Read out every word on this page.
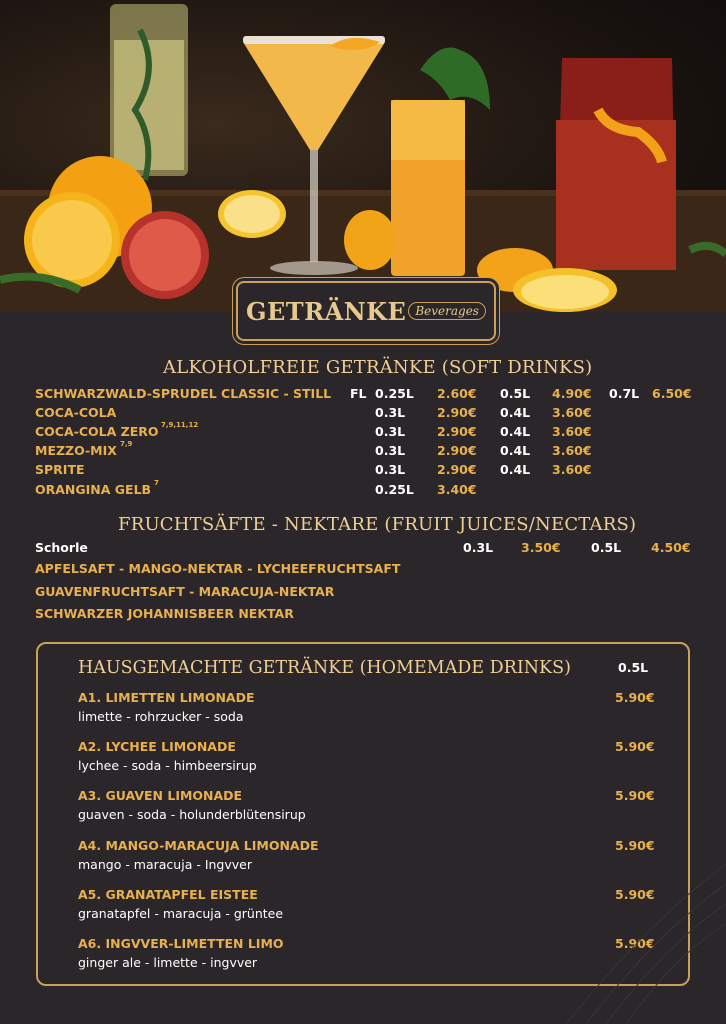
GETRÄNKE Beverages
ALKOHOLFREIE GETRÄNKE (SOFT DRINKS)
SCHWARZWALD-SPRUDEL CLASSIC - STILL FL 0.25L 2.60€ 0.5L 4.90€ 0.7L 6.50€
COCA-COLA	0.3L	2.90€ 0.4L 3.60€
COCA-COLA ZERO 7,9,11,12	0.3L	2.90€ 0.4L 3.60€
MEZZO-MIX 7,9	0.3L	2.90€ 0.4L 3.60€
SPRITE	0.3L	2.90€ 0.4L 3.60€
ORANGINA GELB 7	0.25L 3.40€
FRUCHTSÄFTE - NEKTARE (FRUIT JUICES/NECTARS)
Schorle	0.3L 3.50€ 0.5L 4.50€
APFELSAFT - MANGO-NEKTAR - LYCHEEFRUCHTSAFT
GUAVENFRUCHTSAFT - MARACUJA-NEKTAR
SCHWARZER JOHANNISBEER NEKTAR
HAUSGEMACHTE GETRÄNKE (HOMEMADE DRINKS)	0.5L
A1. LIMETTEN LIMONADE
limette - rohrzucker - soda
5.90€
A2. LYCHEE LIMONADE
lychee - soda - himbeersirup
5.90€
A3. GUAVEN LIMONADE
guaven - soda - holunderblütensirup
5.90€
A4. MANGO-MARACUJA LIMONADE
mango - maracuja - Ingvver
5.90€
A5. GRANATAPFEL EISTEE
granatapfel - maracuja - grüntee
5.90€
A6. INGVVER-LIMETTEN LIMO
ginger ale - limette - ingvver
5.90€
